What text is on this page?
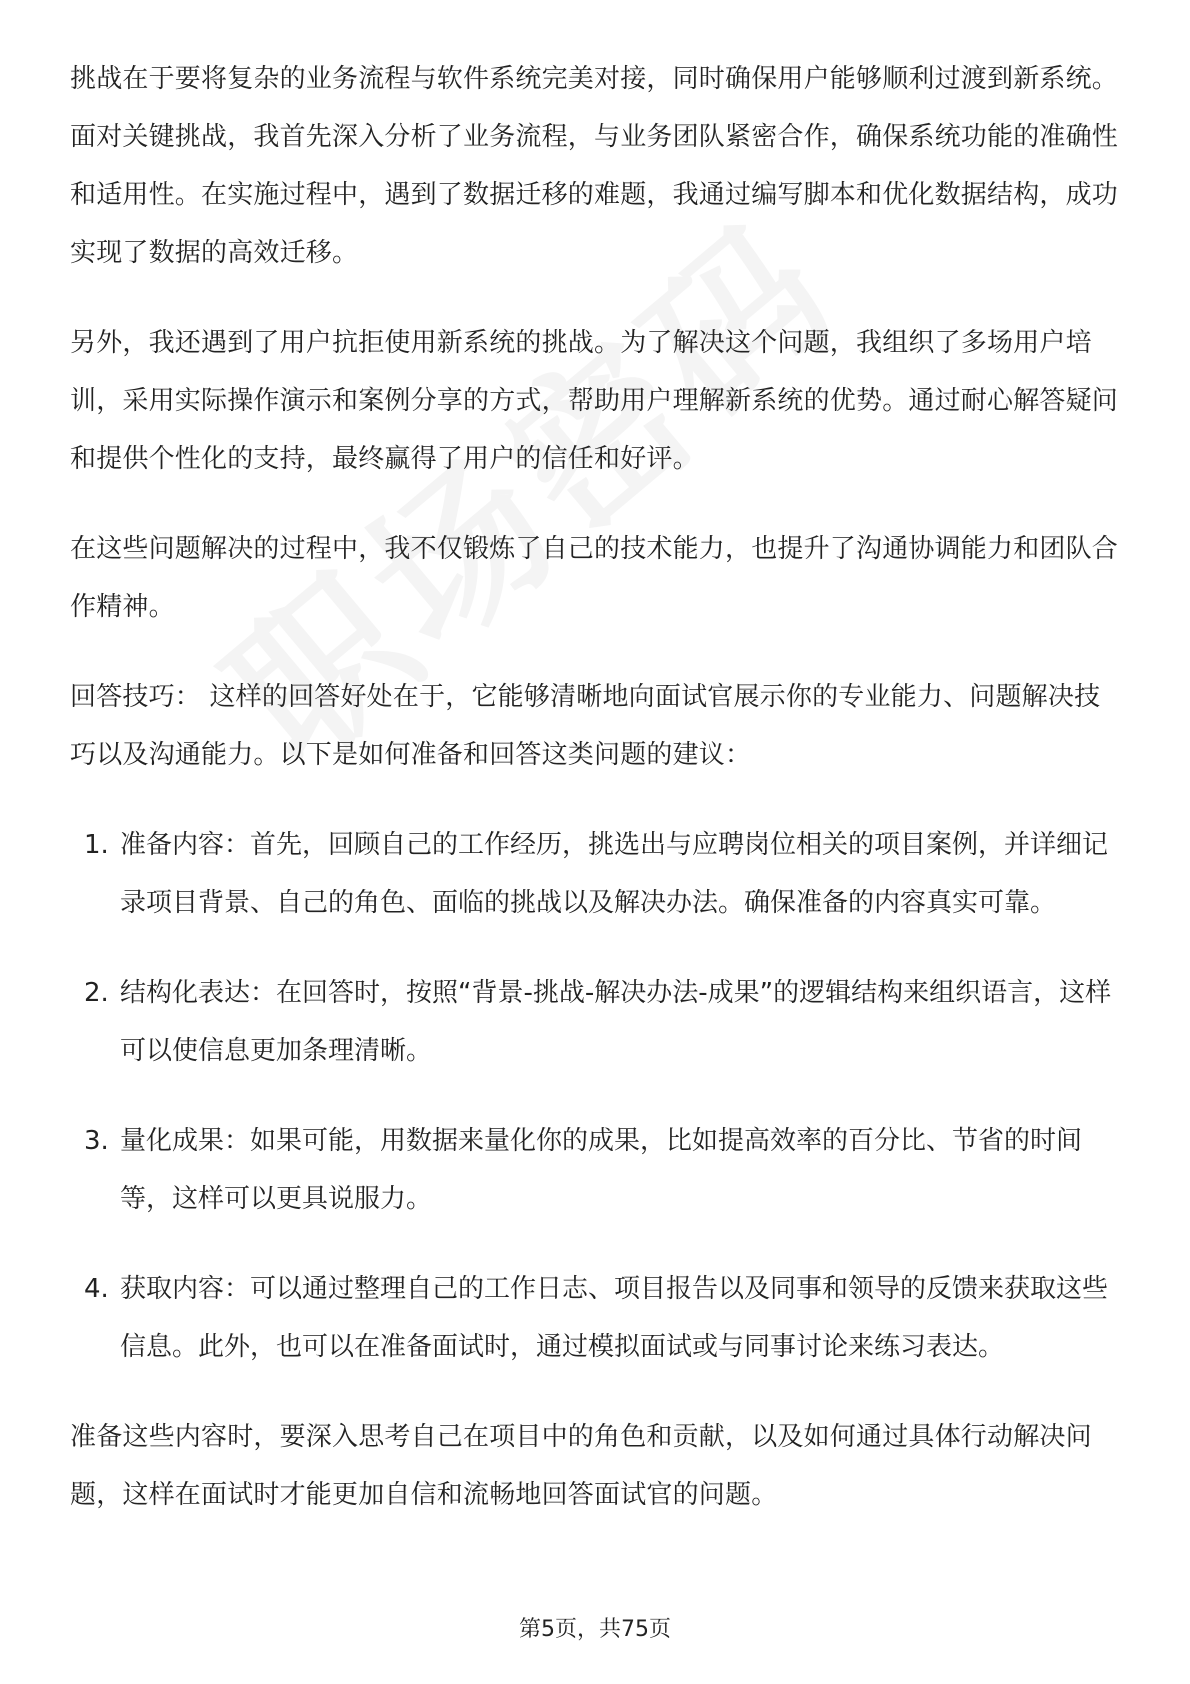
挑战在于要将复杂的业务流程与软件系统完美对接，同时确保用户能够顺利过渡到新系统。面对关键挑战，我首先深入分析了业务流程，与业务团队紧密合作，确保系统功能的准确性和适用性。在实施过程中，遇到了数据迁移的难题，我通过编写脚本和优化数据结构，成功实现了数据的高效迁移。

另外，我还遇到了用户抗拒使用新系统的挑战。为了解决这个问题，我组织了多场用户培训，采用实际操作演示和案例分享的方式，帮助用户理解新系统的优势。通过耐心解答疑问和提供个性化的支持，最终赢得了用户的信任和好评。

在这些问题解决的过程中，我不仅锻炼了自己的技术能力，也提升了沟通协调能力和团队合作精神。

回答技巧： 这样的回答好处在于，它能够清晰地向面试官展示你的专业能力、问题解决技巧以及沟通能力。以下是如何准备和回答这类问题的建议：

1. 准备内容：首先，回顾自己的工作经历，挑选出与应聘岗位相关的项目案例，并详细记录项目背景、自己的角色、面临的挑战以及解决办法。确保准备的内容真实可靠。
2. 结构化表达：在回答时，按照“背景-挑战-解决办法-成果”的逻辑结构来组织语言，这样可以使信息更加条理清晰。
3. 量化成果：如果可能，用数据来量化你的成果，比如提高效率的百分比、节省的时间等，这样可以更具说服力。
4. 获取内容：可以通过整理自己的工作日志、项目报告以及同事和领导的反馈来获取这些信息。此外，也可以在准备面试时，通过模拟面试或与同事讨论来练习表达。

准备这些内容时，要深入思考自己在项目中的角色和贡献，以及如何通过具体行动解决问题，这样在面试时才能更加自信和流畅地回答面试官的问题。

第5页，共75页
